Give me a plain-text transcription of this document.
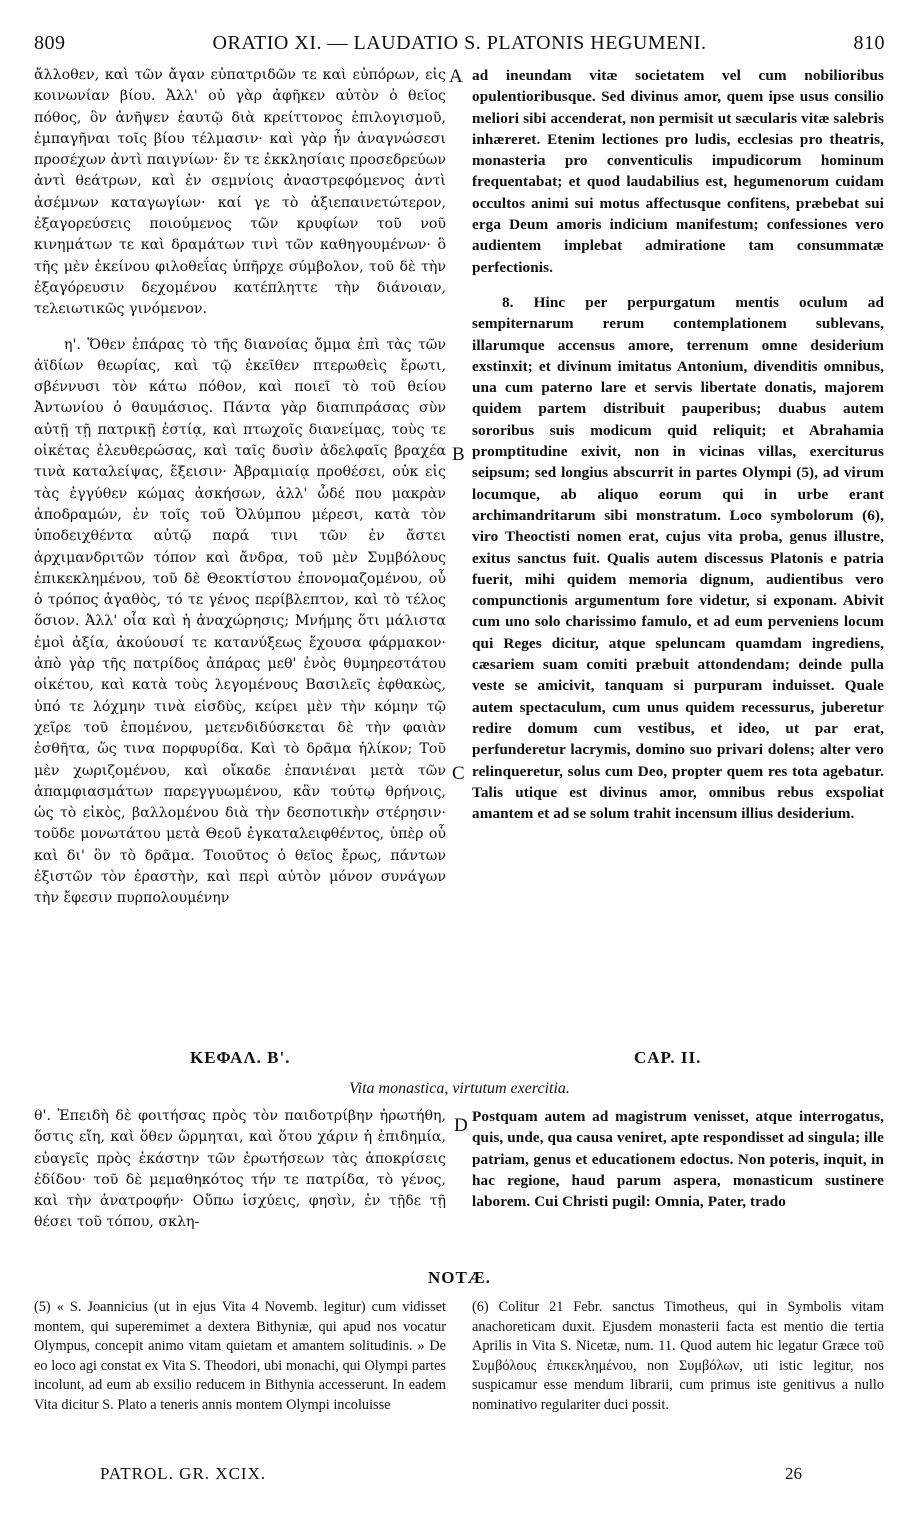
809	ORATIO XI. — LAUDATIO S. PLATONIS HEGUMENI.	810

ἄλλοθεν, καὶ τῶν ἄγαν εὐπατριδῶν τε καὶ εὐπόρων, εἰς κοινωνίαν βίου. Ἀλλ' οὐ γὰρ ἀφῆκεν αὐτὸν ὁ θεῖος πόθος, ὃν ἀνῆψεν ἑαυτῷ διὰ κρείττονος ἐπιλογισμοῦ, ἐμπαγῆναι τοῖς βίου τέλμασιν· καὶ γὰρ ἦν ἀναγνώσεσι προσέχων ἀντὶ παιγνίων· ἔν τε ἐκκλησίαις προσεδρεύων ἀντὶ θεάτρων, καὶ ἐν σεμνίοις ἀναστρεφόμενος ἀντὶ ἀσέμνων καταγωγίων· καί γε τὸ ἀξιεπαινετώτερον, ἐξαγορεύσεις ποιούμενος τῶν κρυφίων τοῦ νοῦ κινημάτων τε καὶ δραμάτων τινὶ τῶν καθηγουμένων· ὃ τῆς μὲν ἐκείνου φιλοθεΐας ὑπῆρχε σύμβολον, τοῦ δὲ τὴν ἐξαγόρευσιν δεχομένου κατέπληττε τὴν διάνοιαν, τελειωτικῶς γινόμενον.

η'. Ὅθεν ἐπάρας τὸ τῆς διανοίας ὄμμα ἐπὶ τὰς τῶν ἀϊδίων θεωρίας, καὶ τῷ ἐκεῖθεν πτερωθεὶς ἔρωτι, σβέννυσι τὸν κάτω πόθον, καὶ ποιεῖ τὸ τοῦ θείου Ἀντωνίου ὁ θαυμάσιος. Πάντα γὰρ διαπιπράσας σὺν αὐτῇ τῇ πατρικῇ ἑστίᾳ, καὶ πτωχοῖς διανείμας, τοὺς τε οἰκέτας ἐλευθερώσας, καὶ ταῖς δυσὶν ἀδελφαῖς βραχέα τινὰ καταλείψας, ἔξεισιν· Ἀβραμιαίᾳ προθέσει, οὐκ εἰς τὰς ἐγγύθεν κώμας ἀσκήσων, ἀλλ' ὧδέ που μακρὰν ἀποδραμών, ἐν τοῖς τοῦ Ὀλύμπου μέρεσι, κατὰ τὸν ὑποδειχθέντα αὐτῷ παρά τινι τῶν ἐν ἄστει ἀρχιμανδριτῶν τόπον καὶ ἄνδρα, τοῦ μὲν Συμβόλους ἐπικεκλημένου, τοῦ δὲ Θεοκτίστου ἐπονομαζομένου, οὗ ὁ τρόπος ἀγαθὸς, τό τε γένος περίβλεπτον, καὶ τὸ τέλος ὅσιον. Ἀλλ' οἷα καὶ ἡ ἀναχώρησις; Μνήμης ὅτι μάλιστα ἐμοὶ ἀξία, ἀκούουσί τε κατανύξεως ἔχουσα φάρμακον· ἀπὸ γὰρ τῆς πατρίδος ἀπάρας μεθ' ἑνὸς θυμηρεστάτου οἰκέτου, καὶ κατὰ τοὺς λεγομένους Βασιλεῖς ἐφθακὼς, ὑπό τε λόχμην τινὰ εἰσδὺς, κείρει μὲν τὴν κόμην τῷ χεῖρε τοῦ ἑπομένου, μετενδιδύσκεται δὲ τὴν φαιὰν ἐσθῆτα, ὥς τινα πορφυρίδα. Καὶ τὸ δρᾶμα ἡλίκον; Τοῦ μὲν χωριζομένου, καὶ οἴκαδε ἐπανιέναι μετὰ τῶν ἀπαμφιασμάτων παρεγγυωμένου, κἂν τούτῳ θρήνοις, ὡς τὸ εἰκὸς, βαλλομένου διὰ τὴν δεσποτικὴν στέρησιν· τοῦδε μονωτάτου μετὰ Θεοῦ ἐγκαταλειφθέντος, ὑπὲρ οὗ καὶ δι' ὃν τὸ δρᾶμα. Τοιοῦτος ὁ θεῖος ἔρως, πάντων ἐξιστῶν τὸν ἐραστὴν, καὶ περὶ αὐτὸν μόνον συνάγων τὴν ἔφεσιν πυρπολουμένην

ad ineundam vitæ societatem vel cum nobilioribus opulentioribusque. Sed divinus amor, quem ipse usus consilio meliori sibi accenderat, non permisit ut sæcularis vitæ salebris inhæreret. Etenim lectiones pro ludis, ecclesias pro theatris, monasteria pro conventiculis impudicorum hominum frequentabat; et quod laudabilius est, hegumenorum cuidam occultos animi sui motus affectusque confitens, præbebat sui erga Deum amoris indicium manifestum; confessiones vero audientem implebat admiratione tam consummatæ perfectionis.

8. Hinc per perpurgatum mentis oculum ad sempiternarum rerum contemplationem sublevans, illarumque accensus amore, terrenum omne desiderium exstinxit; et divinum imitatus Antonium, divenditis omnibus, una cum paterno lare et servis libertate donatis, majorem quidem partem distribuit pauperibus; duabus autem sororibus suis modicum quid reliquit; et Abrahamia promptitudine exivit, non in vicinas villas, exerciturus seipsum; sed longius abscurrit in partes Olympi (5), ad virum locumque, ab aliquo eorum qui in urbe erant archimandritarum sibi monstratum. Loco symbolorum (6), viro Theoctisti nomen erat, cujus vita proba, genus illustre, exitus sanctus fuit. Qualis autem discessus Platonis e patria fuerit, mihi quidem memoria dignum, audientibus vero compunctionis argumentum fore videtur, si exponam. Abivit cum uno solo charissimo famulo, et ad eum perveniens locum qui Reges dicitur, atque speluncam quamdam ingrediens, cæsariem suam comiti præbuit attondendam; deinde pulla veste se amicivit, tanquam si purpuram induisset. Quale autem spectaculum, cum unus quidem recessurus, juberetur redire domum cum vestibus, et ideo, ut par erat, perfunderetur lacrymis, domino suo privari dolens; alter vero relinqueretur, solus cum Deo, propter quem res tota agebatur. Talis utique est divinus amor, omnibus rebus exspoliat amantem et ad se solum trahit incensum illius desiderium.

A
B
C
D
ΚΕΦΑΛ. Β'.	CAP. II.
Vita monastica, virtutum exercitia.

θ'. Ἐπειδὴ δὲ φοιτήσας πρὸς τὸν παιδοτρίβην ἠρωτήθη, ὅστις εἴη, καὶ ὅθεν ὥρμηται, καὶ ὅτου χάριν ἡ ἐπιδημία, εὐαγεῖς πρὸς ἑκάστην τῶν ἐρωτήσεων τὰς ἀποκρίσεις ἐδίδου· τοῦ δὲ μεμαθηκότος τήν τε πατρίδα, τὸ γένος, καὶ τὴν ἀνατροφήν· Οὔπω ἰσχύεις, φησὶν, ἐν τῇδε τῇ θέσει τοῦ τόπου, σκλη-

Postquam autem ad magistrum venisset, atque interrogatus, quis, unde, qua causa veniret, apte respondisset ad singula; ille patriam, genus et educationem edoctus. Non poteris, inquit, in hac regione, haud parum aspera, monasticum sustinere laborem. Cui Christi pugil: Omnia, Pater, trado

NOTÆ.
(5) « S. Joannicius (ut in ejus Vita 4 Novemb. legitur) cum vidisset montem, qui superemimet a dextera Bithyniæ, qui apud nos vocatur Olympus, concepit animo vitam quietam et amantem solitudinis. » De eo loco agi constat ex Vita S. Theodori, ubi monachi, qui Olympi partes incolunt, ad eum ab exsilio reducem in Bithynia accesserunt. In eadem Vita dicitur S. Plato a teneris annis montem Olympi incoluisse
(6) Colitur 21 Febr. sanctus Timotheus, qui in Symbolis vitam anachoreticam duxit. Ejusdem monasterii facta est mentio die tertia Aprilis in Vita S. Nicetæ, num. 11. Quod autem hic legatur Græce τοῦ Συμβόλους ἐπικεκλημένου, non Συμβόλων, uti istic legitur, nos suspicamur esse mendum librarii, cum primus iste genitivus a nullo nominativo regulariter duci possit.
PATROL. GR. XCIX.	26
